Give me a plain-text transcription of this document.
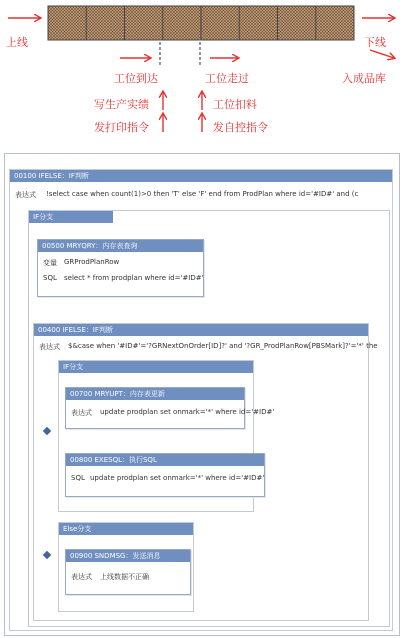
上线	下线
工位到达	工位走过	入成品库
写生产实绩
发打印指令
工位扣料
发自控指令
00100 IFELSE：IF判断
表达式 !select case when count(1)>0 then 'T' else 'F' end from ProdPlan where id='#ID#' and (c
IF分支
00500 MRYQRY：内存表查询
变量 GRProdPlanRow
SQL select * from prodplan where id='#ID#'
00400 IFELSE：IF判断
表达式 $&case when '#ID#'='?GRNextOnOrder[ID]?' and '?GR_ProdPlanRow[PBSMark]?'='*' the
IF分支
00700 MRYUPT：内存表更新
表达式 update prodplan set onmark='*' where id='#ID#'
00800 EXESQL：执行SQL
SQL update prodplan set onmark='*' where id='#ID#'
Else分支
00900 SNDMSG：发送消息
表达式 上线数据不正确
